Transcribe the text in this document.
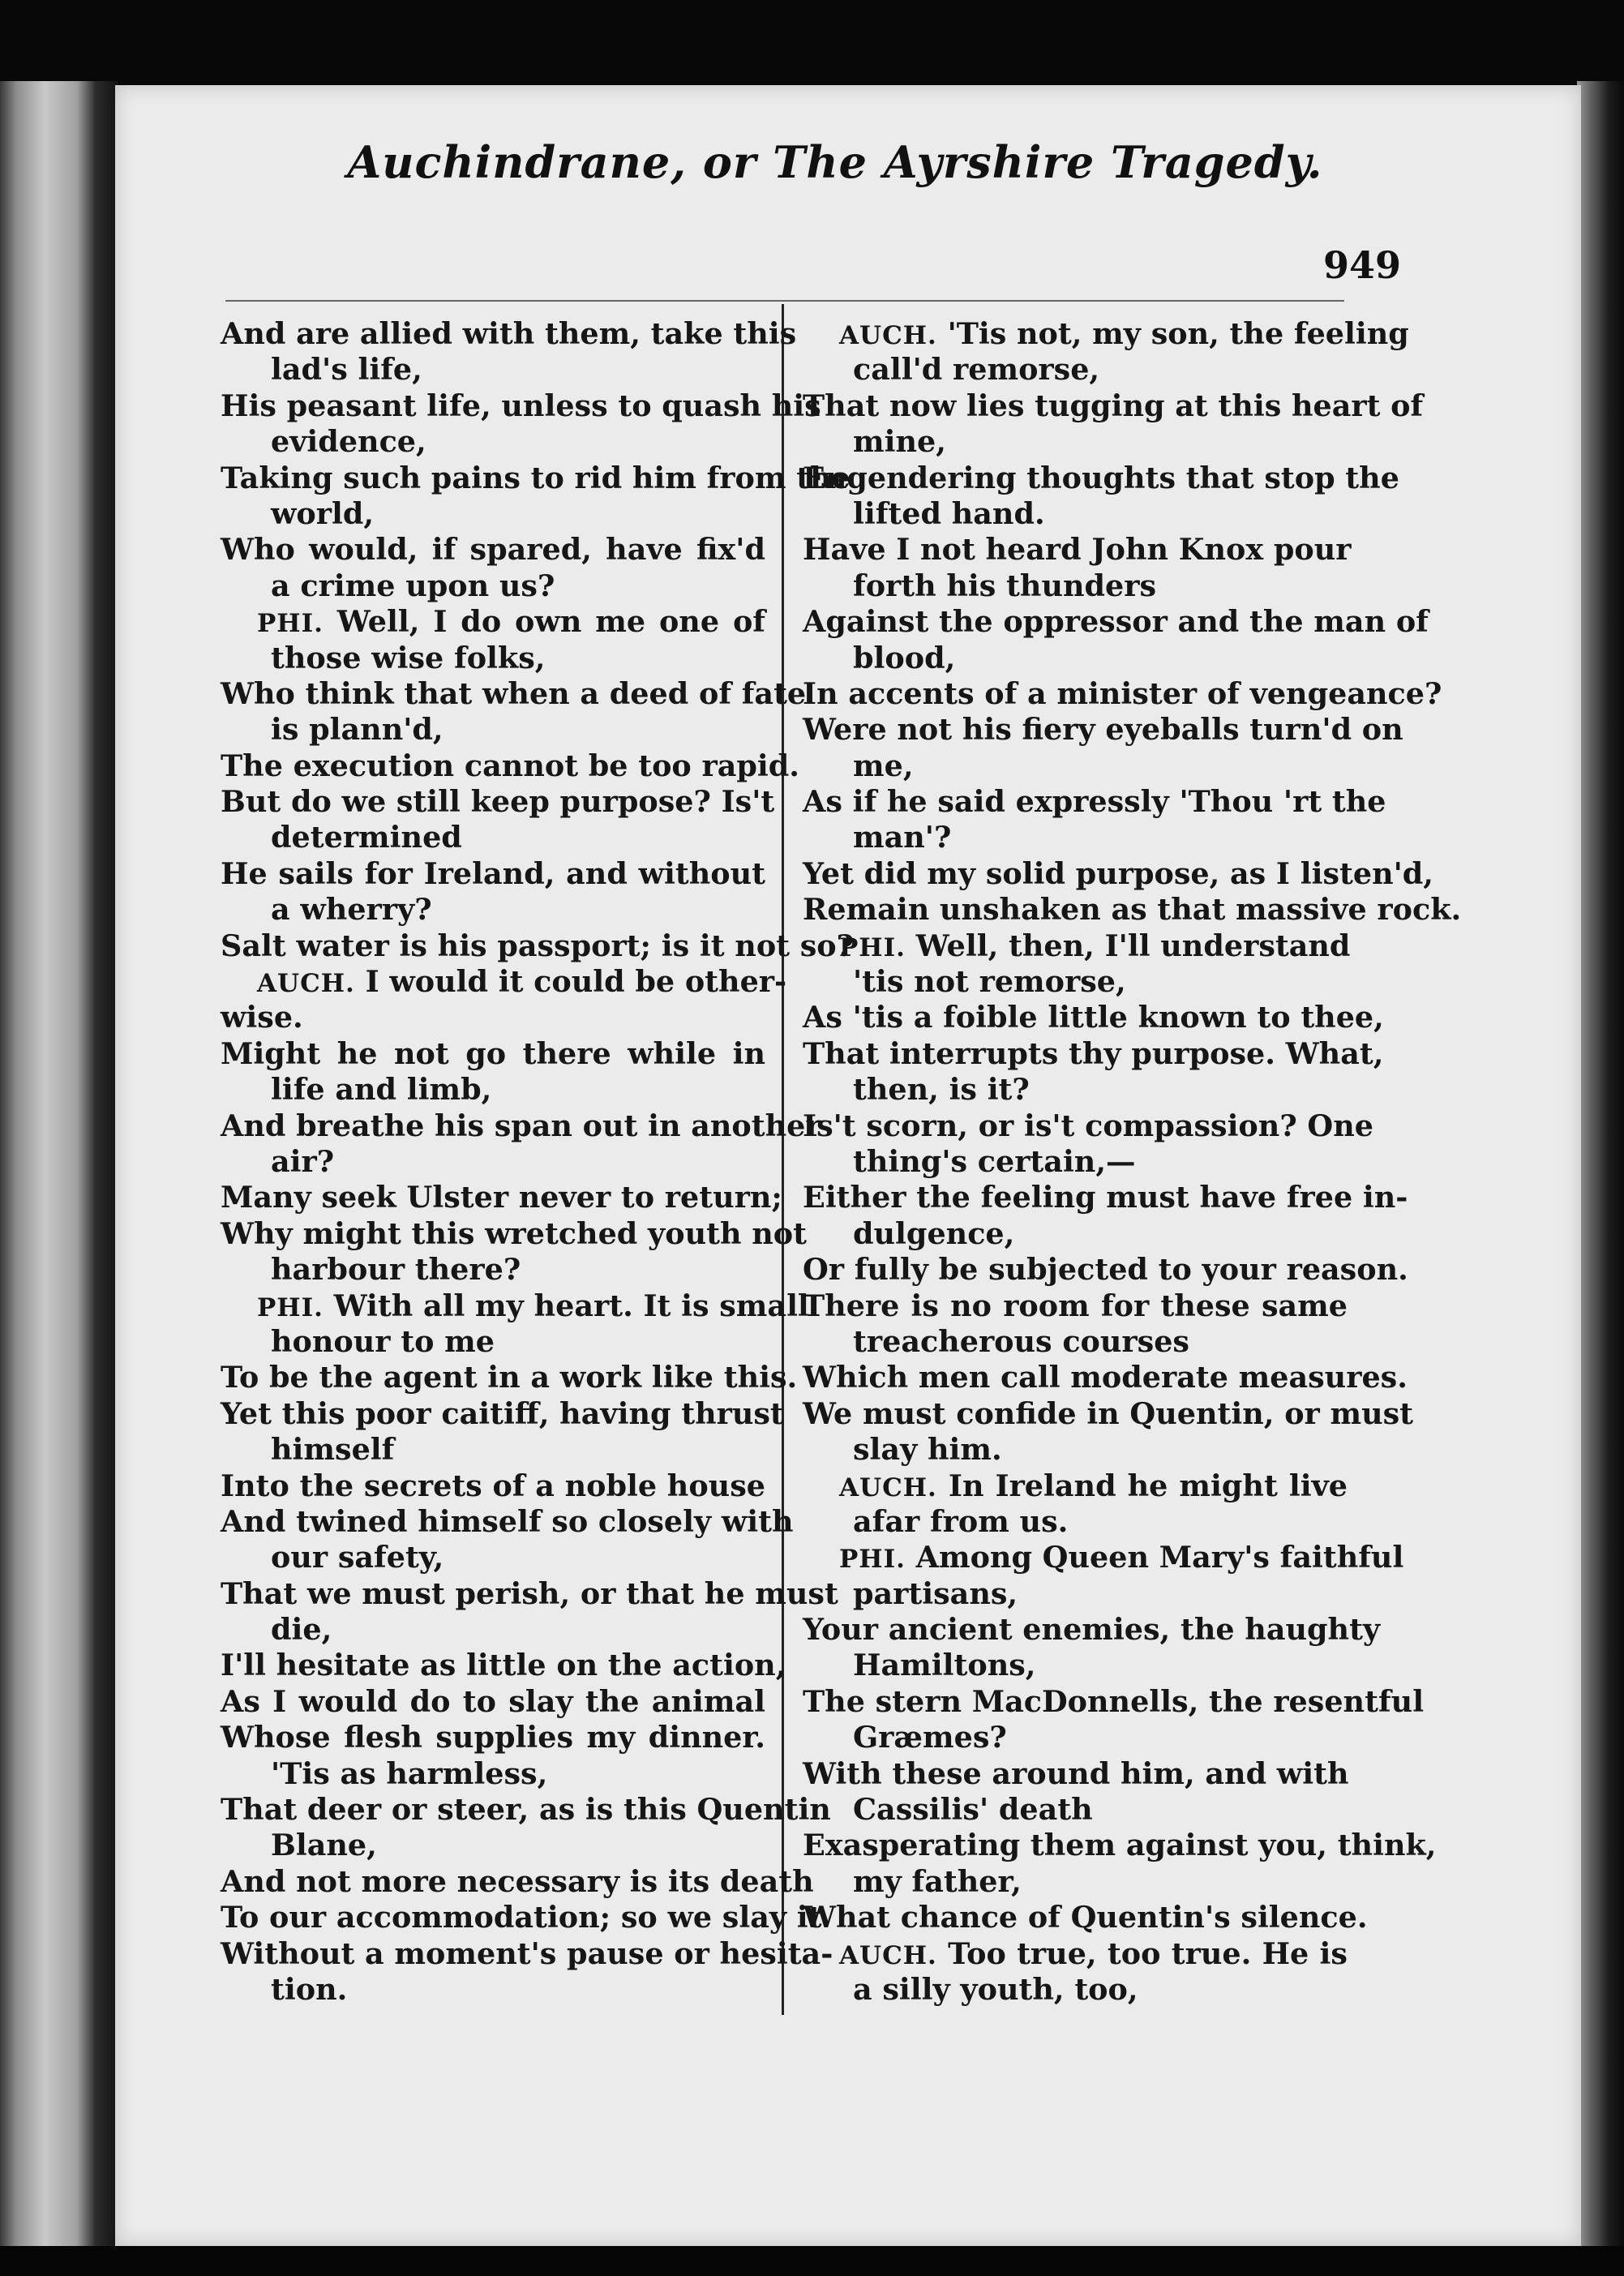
Auchindrane, or The Ayrshire Tragedy.
949
And are allied with them, take this
lad's life,
His peasant life, unless to quash his
evidence,
Taking such pains to rid him from the
world,
Who would, if spared, have fix'd
a crime upon us?
PHI. Well, I do own me one of
those wise folks,
Who think that when a deed of fate
is plann'd,
The execution cannot be too rapid.
But do we still keep purpose? Is't
determined
He sails for Ireland, and without
a wherry?
Salt water is his passport; is it not so?
AUCH. I would it could be other-
wise.
Might he not go there while in
life and limb,
And breathe his span out in another
air?
Many seek Ulster never to return;
Why might this wretched youth not
harbour there?
PHI. With all my heart. It is small
honour to me
To be the agent in a work like this.
Yet this poor caitiff, having thrust
himself
Into the secrets of a noble house
And twined himself so closely with
our safety,
That we must perish, or that he must
die,
I'll hesitate as little on the action,
As I would do to slay the animal
Whose flesh supplies my dinner.
'Tis as harmless,
That deer or steer, as is this Quentin
Blane,
And not more necessary is its death
To our accommodation; so we slay it
Without a moment's pause or hesita-
tion.
AUCH. 'Tis not, my son, the feeling
call'd remorse,
That now lies tugging at this heart of
mine,
Engendering thoughts that stop the
lifted hand.
Have I not heard John Knox pour
forth his thunders
Against the oppressor and the man of
blood,
In accents of a minister of vengeance?
Were not his fiery eyeballs turn'd on
me,
As if he said expressly 'Thou 'rt the
man'?
Yet did my solid purpose, as I listen'd,
Remain unshaken as that massive rock.
PHI. Well, then, I'll understand
'tis not remorse,
As 'tis a foible little known to thee,
That interrupts thy purpose. What,
then, is it?
Is't scorn, or is't compassion? One
thing's certain,—
Either the feeling must have free in-
dulgence,
Or fully be subjected to your reason.
There is no room for these same
treacherous courses
Which men call moderate measures.
We must confide in Quentin, or must
slay him.
AUCH. In Ireland he might live
afar from us.
PHI. Among Queen Mary's faithful
partisans,
Your ancient enemies, the haughty
Hamiltons,
The stern MacDonnells, the resentful
Græmes?
With these around him, and with
Cassilis' death
Exasperating them against you, think,
my father,
What chance of Quentin's silence.
AUCH. Too true, too true. He is
a silly youth, too,
